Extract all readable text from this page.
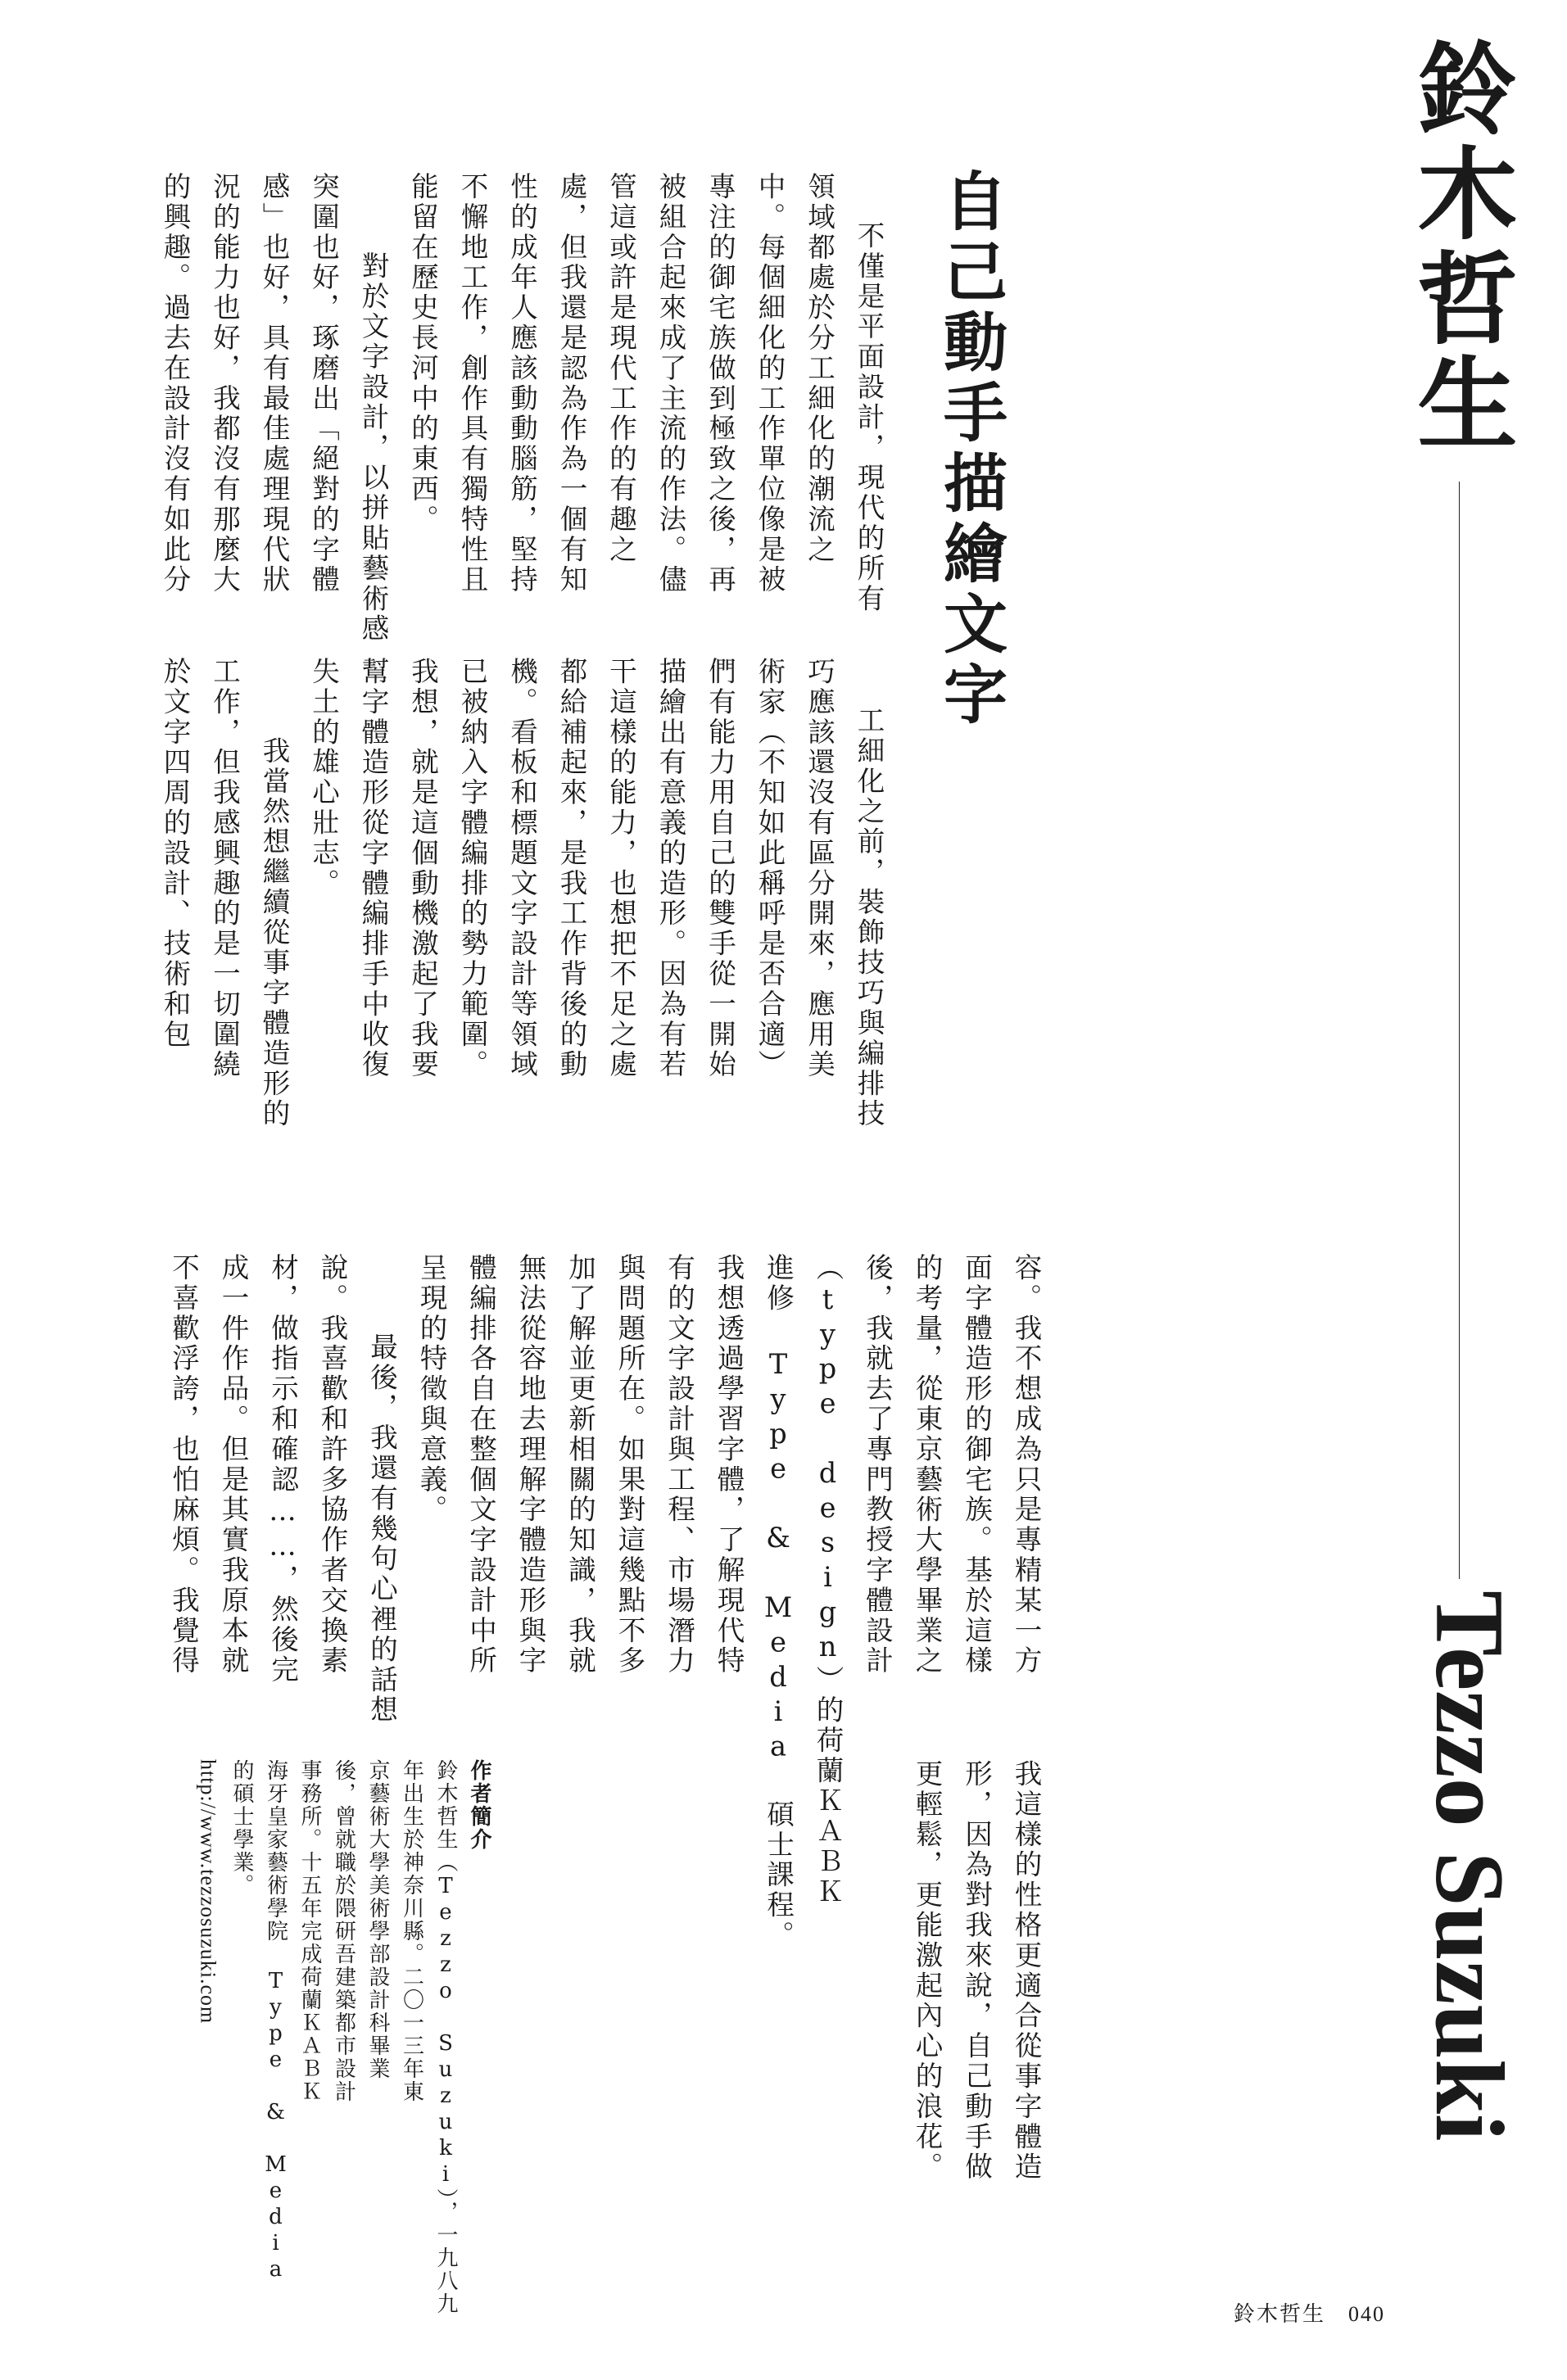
鈴木哲生
Tezzo Suzuki
自己動手描繪文字
鈴木哲生 040
不僅是平面設計，現代的所有
領域都處於分工細化的潮流之
中。每個細化的工作單位像是被
專注的御宅族做到極致之後，再
被組合起來成了主流的作法。儘
管這或許是現代工作的有趣之
處，但我還是認為作為一個有知
性的成年人應該動動腦筋，堅持
不懈地工作，創作具有獨特性且
能留在歷史長河中的東西。
　對於文字設計，以拼貼藝術感
突圍也好，琢磨出「絕對的字體
感」也好，具有最佳處理現代狀
況的能力也好，我都沒有那麼大
的興趣。過去在設計沒有如此分
工細化之前，裝飾技巧與編排技
巧應該還沒有區分開來，應用美
術家（不知如此稱呼是否合適）
們有能力用自己的雙手從一開始
描繪出有意義的造形。因為有若
干這樣的能力，也想把不足之處
都給補起來，是我工作背後的動
機。看板和標題文字設計等領域
已被納入字體編排的勢力範圍。
我想，就是這個動機激起了我要
幫字體造形從字體編排手中收復
失土的雄心壯志。
　我當然想繼續從事字體造形的
工作，但我感興趣的是一切圍繞
於文字四周的設計、技術和包
容。我不想成為只是專精某一方
面字體造形的御宅族。基於這樣
的考量，從東京藝術大學畢業之
後，我就去了專門教授字體設計
（type design）的荷蘭ＫＡＢＫ
進修 Type & Media 碩士課程。
我想透過學習字體，了解現代特
有的文字設計與工程、市場潛力
與問題所在。如果對這幾點不多
加了解並更新相關的知識，我就
無法從容地去理解字體造形與字
體編排各自在整個文字設計中所
呈現的特徵與意義。
　最後，我還有幾句心裡的話想
說。我喜歡和許多協作者交換素
材，做指示和確認……，然後完
成一件作品。但是其實我原本就
不喜歡浮誇，也怕麻煩。我覺得
我這樣的性格更適合從事字體造
形，因為對我來說，自己動手做
更輕鬆，更能激起內心的浪花。
作者簡介
鈴木哲生（Tezzo Suzuki），一九八九
年出生於神奈川縣。二〇一三年東
京藝術大學美術學部設計科畢業
後，曾就職於隈研吾建築都市設計
事務所。十五年完成荷蘭ＫＡＢＫ
海牙皇家藝術學院 Type & Media
的碩士學業。
http://www.tezzosuzuki.com
